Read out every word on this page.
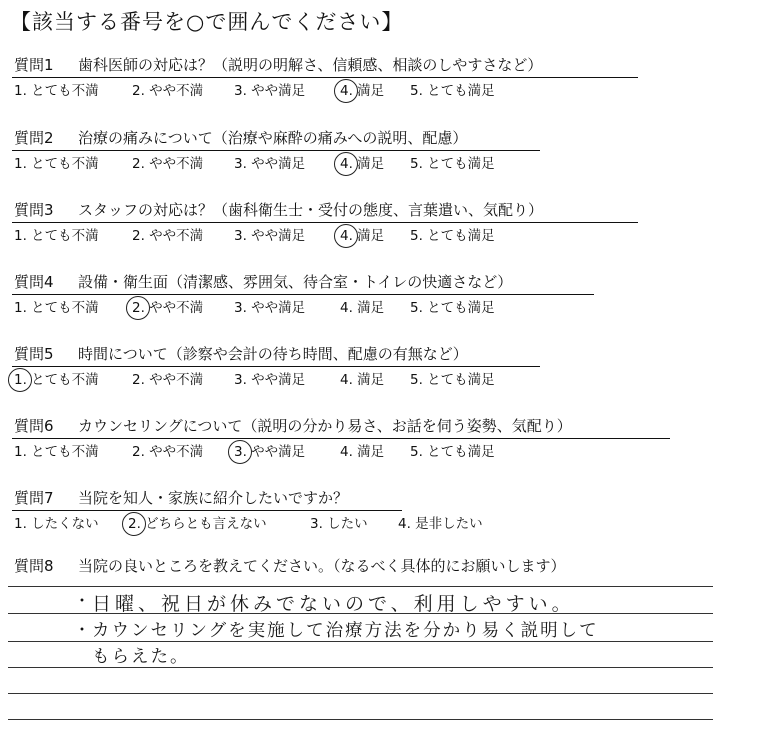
【該当する番号を○で囲んでください】
質問1 歯科医師の対応は？（説明の明解さ、信頼感、相談のしやすさなど）
1. とても不満 2. やや不満 3. やや満足	4. 満足 5. とても満足
質問2 治療の痛みについて（治療や麻酔の痛みへの説明、配慮）
1. とても不満 2. やや不満 3. やや満足	4. 満足 5. とても満足
質問3 スタッフの対応は？（歯科衛生士・受付の態度、言葉遣い、気配り）
1. とても不満 2. やや不満 3. やや満足	4. 満足 5. とても満足
質問4 設備・衛生面（清潔感、雰囲気、待合室・トイレの快適さなど）
1. とても不満 2. やや不満 3. やや満足	4. 満足 5. とても満足
質問5 時間について（診察や会計の待ち時間、配慮の有無など）
1. とても不満 2. やや不満 3. やや満足	4. 満足 5. とても満足
質問6 カウンセリングについて（説明の分かり易さ、お話を伺う姿勢、気配り）
1. とても不満 2. やや不満 3. やや満足	4. 満足 5. とても満足
質問7 当院を知人・家族に紹介したいですか？
1. したくない 2. どちらとも言えない	3. したい 4. 是非したい
質問8 当院の良いところを教えてください。（なるべく具体的にお願いします）
・ 日曜、祝日が休みでないので、利用しやすい。
・ カウンセリングを実施して治療方法を分かり易く説明して
もらえた。
